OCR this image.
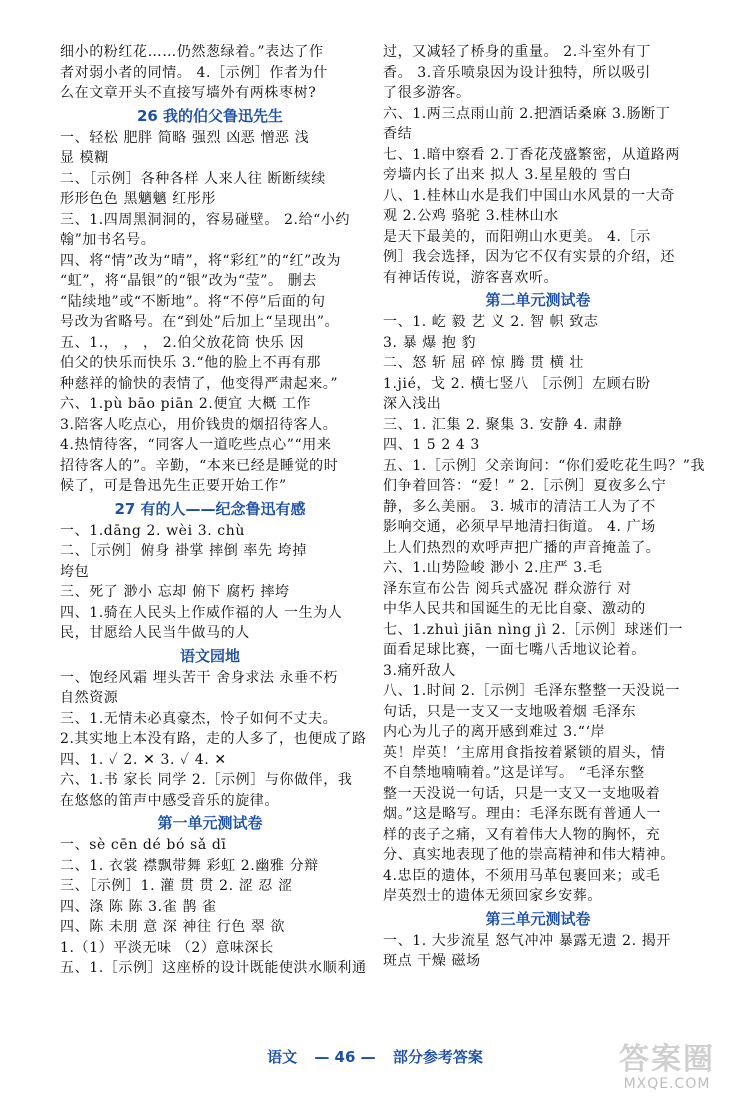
细小的粉红花……仍然葱绿着。”表达了作
者对弱小者的同情。 4.［示例］作者为什
么在文章开头不直接写墙外有两株枣树?
26 我的伯父鲁迅先生
一、轻松 肥胖 简略 强烈 凶恶 憎恶 浅
显 模糊
二、［示例］各种各样 人来人往 断断续续
形形色色 黑魑魑 红彤彤
三、1.四周黑洞洞的，容易碰壁。 2.给“小约
翰”加书名号。
四、将“情”改为“晴”，将“彩红”的“红”改为
“虹”，将“晶银”的“银”改为“莹”。 删去
“陆续地”或“不断地”。将“不停”后面的句
号改为省略号。在“到处”后加上“呈现出”。
五、1.， ， ， 2.伯父放花筒 快乐 因
伯父的快乐而快乐 3.“他的脸上不再有那
种慈祥的愉快的表情了，他变得严肃起来。”
六、1.pù bāo piān 2.便宜 大概 工作
3.陪客人吃点心，用价钱贵的烟招待客人。
4.热情待客，“同客人一道吃些点心”“用来
招待客人的”。辛勤，“本来已经是睡觉的时
候了，可是鲁迅先生正要开始工作”
27 有的人——纪念鲁迅有感
一、1.dāng 2. wèi 3. chù
二、［示例］俯身 褂掌 摔倒 率先 垮掉
垮包
三、死了 渺小 忘却 俯下 腐朽 摔垮
四、1.骑在人民头上作威作福的人 一生为人
民，甘愿给人民当牛做马的人
语文园地
一、饱经风霜 埋头苦干 舍身求法 永垂不朽
自然资源
三、1.无情未必真豪杰，怜子如何不丈夫。
2.其实地上本没有路，走的人多了，也便成了路
四、1. ✓ 2. ✕ 3. ✓ 4. ✕
六、1.书 家长 同学 2.［示例］与你做伴，我
在悠悠的笛声中感受音乐的旋律。
第一单元测试卷
一、sè cēn dé bó sǎ dī
二、1. 衣裳 襟飘带舞 彩虹 2.幽雅 分辩
三、［示例］1. 灌 贯 贯 2. 涩 忍 涩
四、涤 陈 陈 3.雀 鹊 雀
四、陈 未朋 意 深 神往 行色 翠 欲
1.（1）平淡无味 （2）意味深长
五、1.［示例］这座桥的设计既能使洪水顺利通
过，又减轻了桥身的重量。 2.斗室外有丁
香。 3.音乐喷泉因为设计独特，所以吸引
了很多游客。
六、1.两三点雨山前 2.把酒话桑麻 3.肠断丁
香结
七、1.暗中察看 2.丁香花茂盛繁密，从道路两
旁墙内长了出来 拟人 3.星星般的 雪白
八、1.桂林山水是我们中国山水风景的一大奇
观 2.公鸡 骆驼 3.桂林山水
是天下最美的，而阳朔山水更美。 4.［示
例］我会选择，因为它不仅有实景的介绍，还
有神话传说，游客喜欢听。
第二单元测试卷
一、1. 屹 毅 艺 义 2. 智 帜 致志
3. 暴 爆 抱 豹
二、怒 斩 屈 碎 惊 腾 贯 横 壮
1.jié，戈 2. 横七竖八 ［示例］左顾右盼
深入浅出
三、1. 汇集 2. 聚集 3. 安静 4. 肃静
四、1 5 2 4 3
五、1.［示例］父亲询问：“你们爱吃花生吗？”我
们争着回答：“爱！” 2.［示例］夏夜多么宁
静，多么美丽。 3. 城市的清洁工人为了不
影响交通，必须早早地清扫街道。 4. 广场
上人们热烈的欢呼声把广播的声音掩盖了。
六、1.山势险峻 渺小 2.庄严 3.毛
泽东宣布公告 阅兵式盛况 群众游行 对
中华人民共和国诞生的无比自豪、激动的
七、1.zhuì jiān nìng jì 2.［示例］球迷们一
面看足球比赛，一面七嘴八舌地议论着。
3.痛歼敌人
八、1.时间 2.［示例］毛泽东整整一天没说一
句话，只是一支又一支地吸着烟 毛泽东
内心为儿子的离开感到难过 3.“‘岸
英！岸英！’主席用食指按着紧锁的眉头，情
不自禁地喃喃着。”这是详写。 “毛泽东整
整一天没说一句话，只是一支又一支地吸着
烟。”这是略写。理由：毛泽东既有普通人一
样的丧子之痛，又有着伟大人物的胸怀，充
分、真实地表现了他的崇高精神和伟大精神。
4.忠臣的遗体，不须用马革包裹回来；或毛
岸英烈士的遗体无须回家乡安葬。
第三单元测试卷
一、1. 大步流星 怒气冲冲 暴露无遗 2. 揭开
斑点 干燥 磁场
语文 — 46 — 部分参考答案	答案圈
MXQE.COM
